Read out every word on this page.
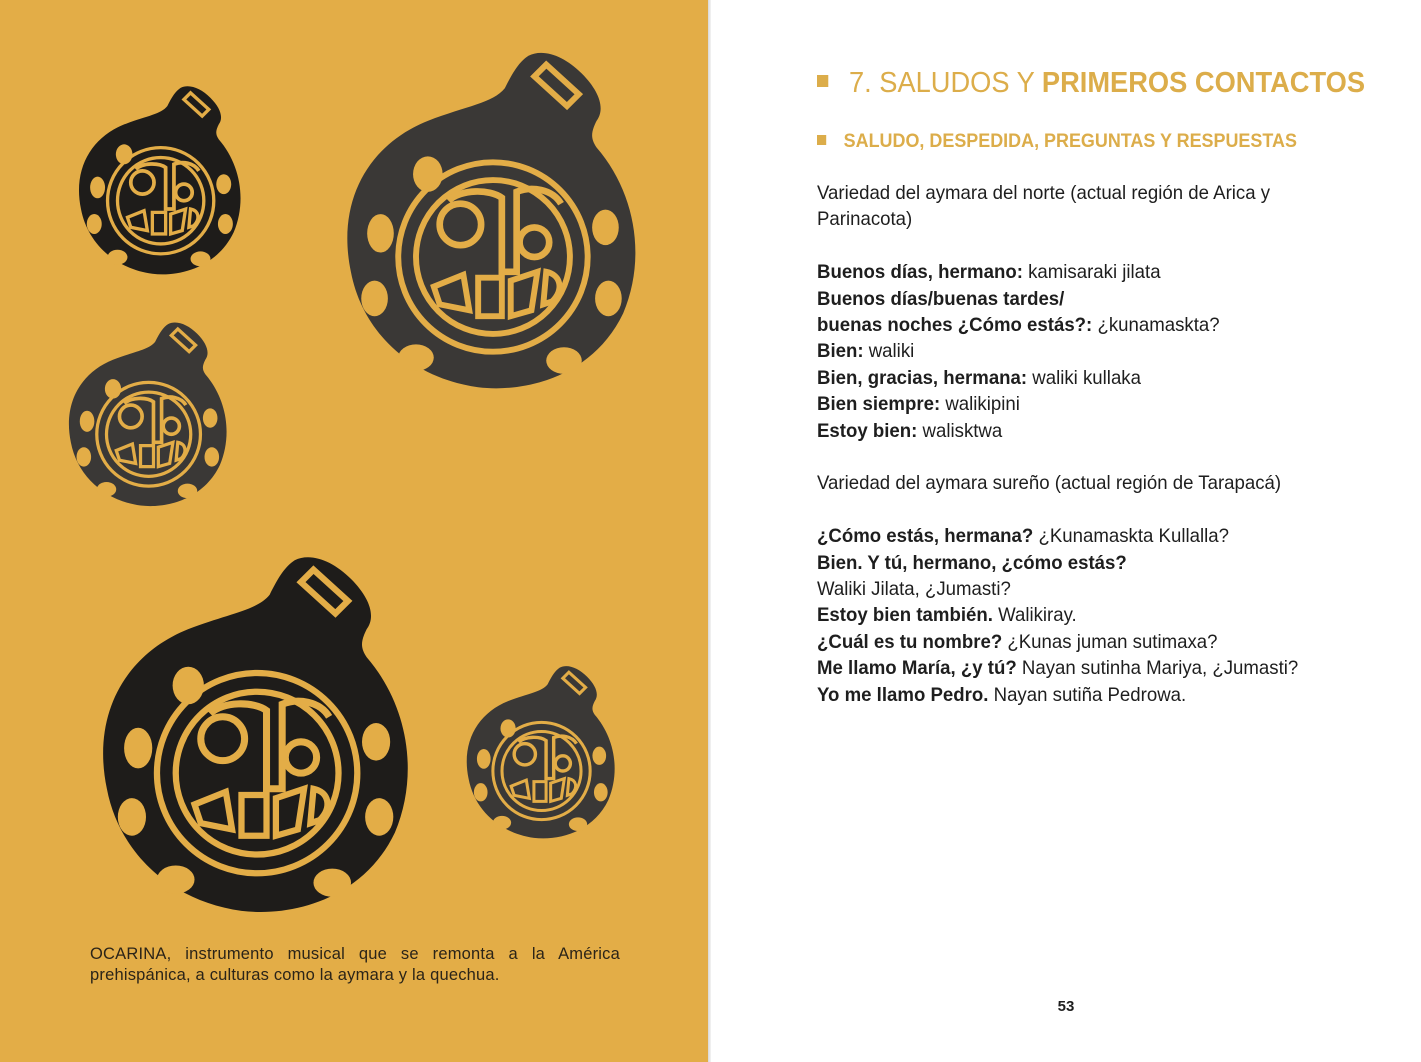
OCARINA, instrumento musical que se remonta a la América prehispánica, a culturas como la aymara y la quechua.

7. SALUDOS Y PRIMEROS CONTACTOS
SALUDO, DESPEDIDA, PREGUNTAS Y RESPUESTAS

Variedad del aymara del norte (actual región de Arica y Parinacota)

Buenos días, hermano: kamisaraki jilata

Buenos días/buenas tardes/

buenas noches ¿Cómo estás?: ¿kunamaskta?

Bien: waliki

Bien, gracias, hermana: waliki kullaka

Bien siempre: walikipini

Estoy bien: walisktwa

Variedad del aymara sureño (actual región de Tarapacá)

¿Cómo estás, hermana? ¿Kunamaskta Kullalla?

Bien. Y tú, hermano, ¿cómo estás?

Waliki Jilata, ¿Jumasti?

Estoy bien también. Walikiray.

¿Cuál es tu nombre? ¿Kunas juman sutimaxa?

Me llamo María, ¿y tú? Nayan sutinha Mariya, ¿Jumasti?

Yo me llamo Pedro. Nayan sutiña Pedrowa.

53
